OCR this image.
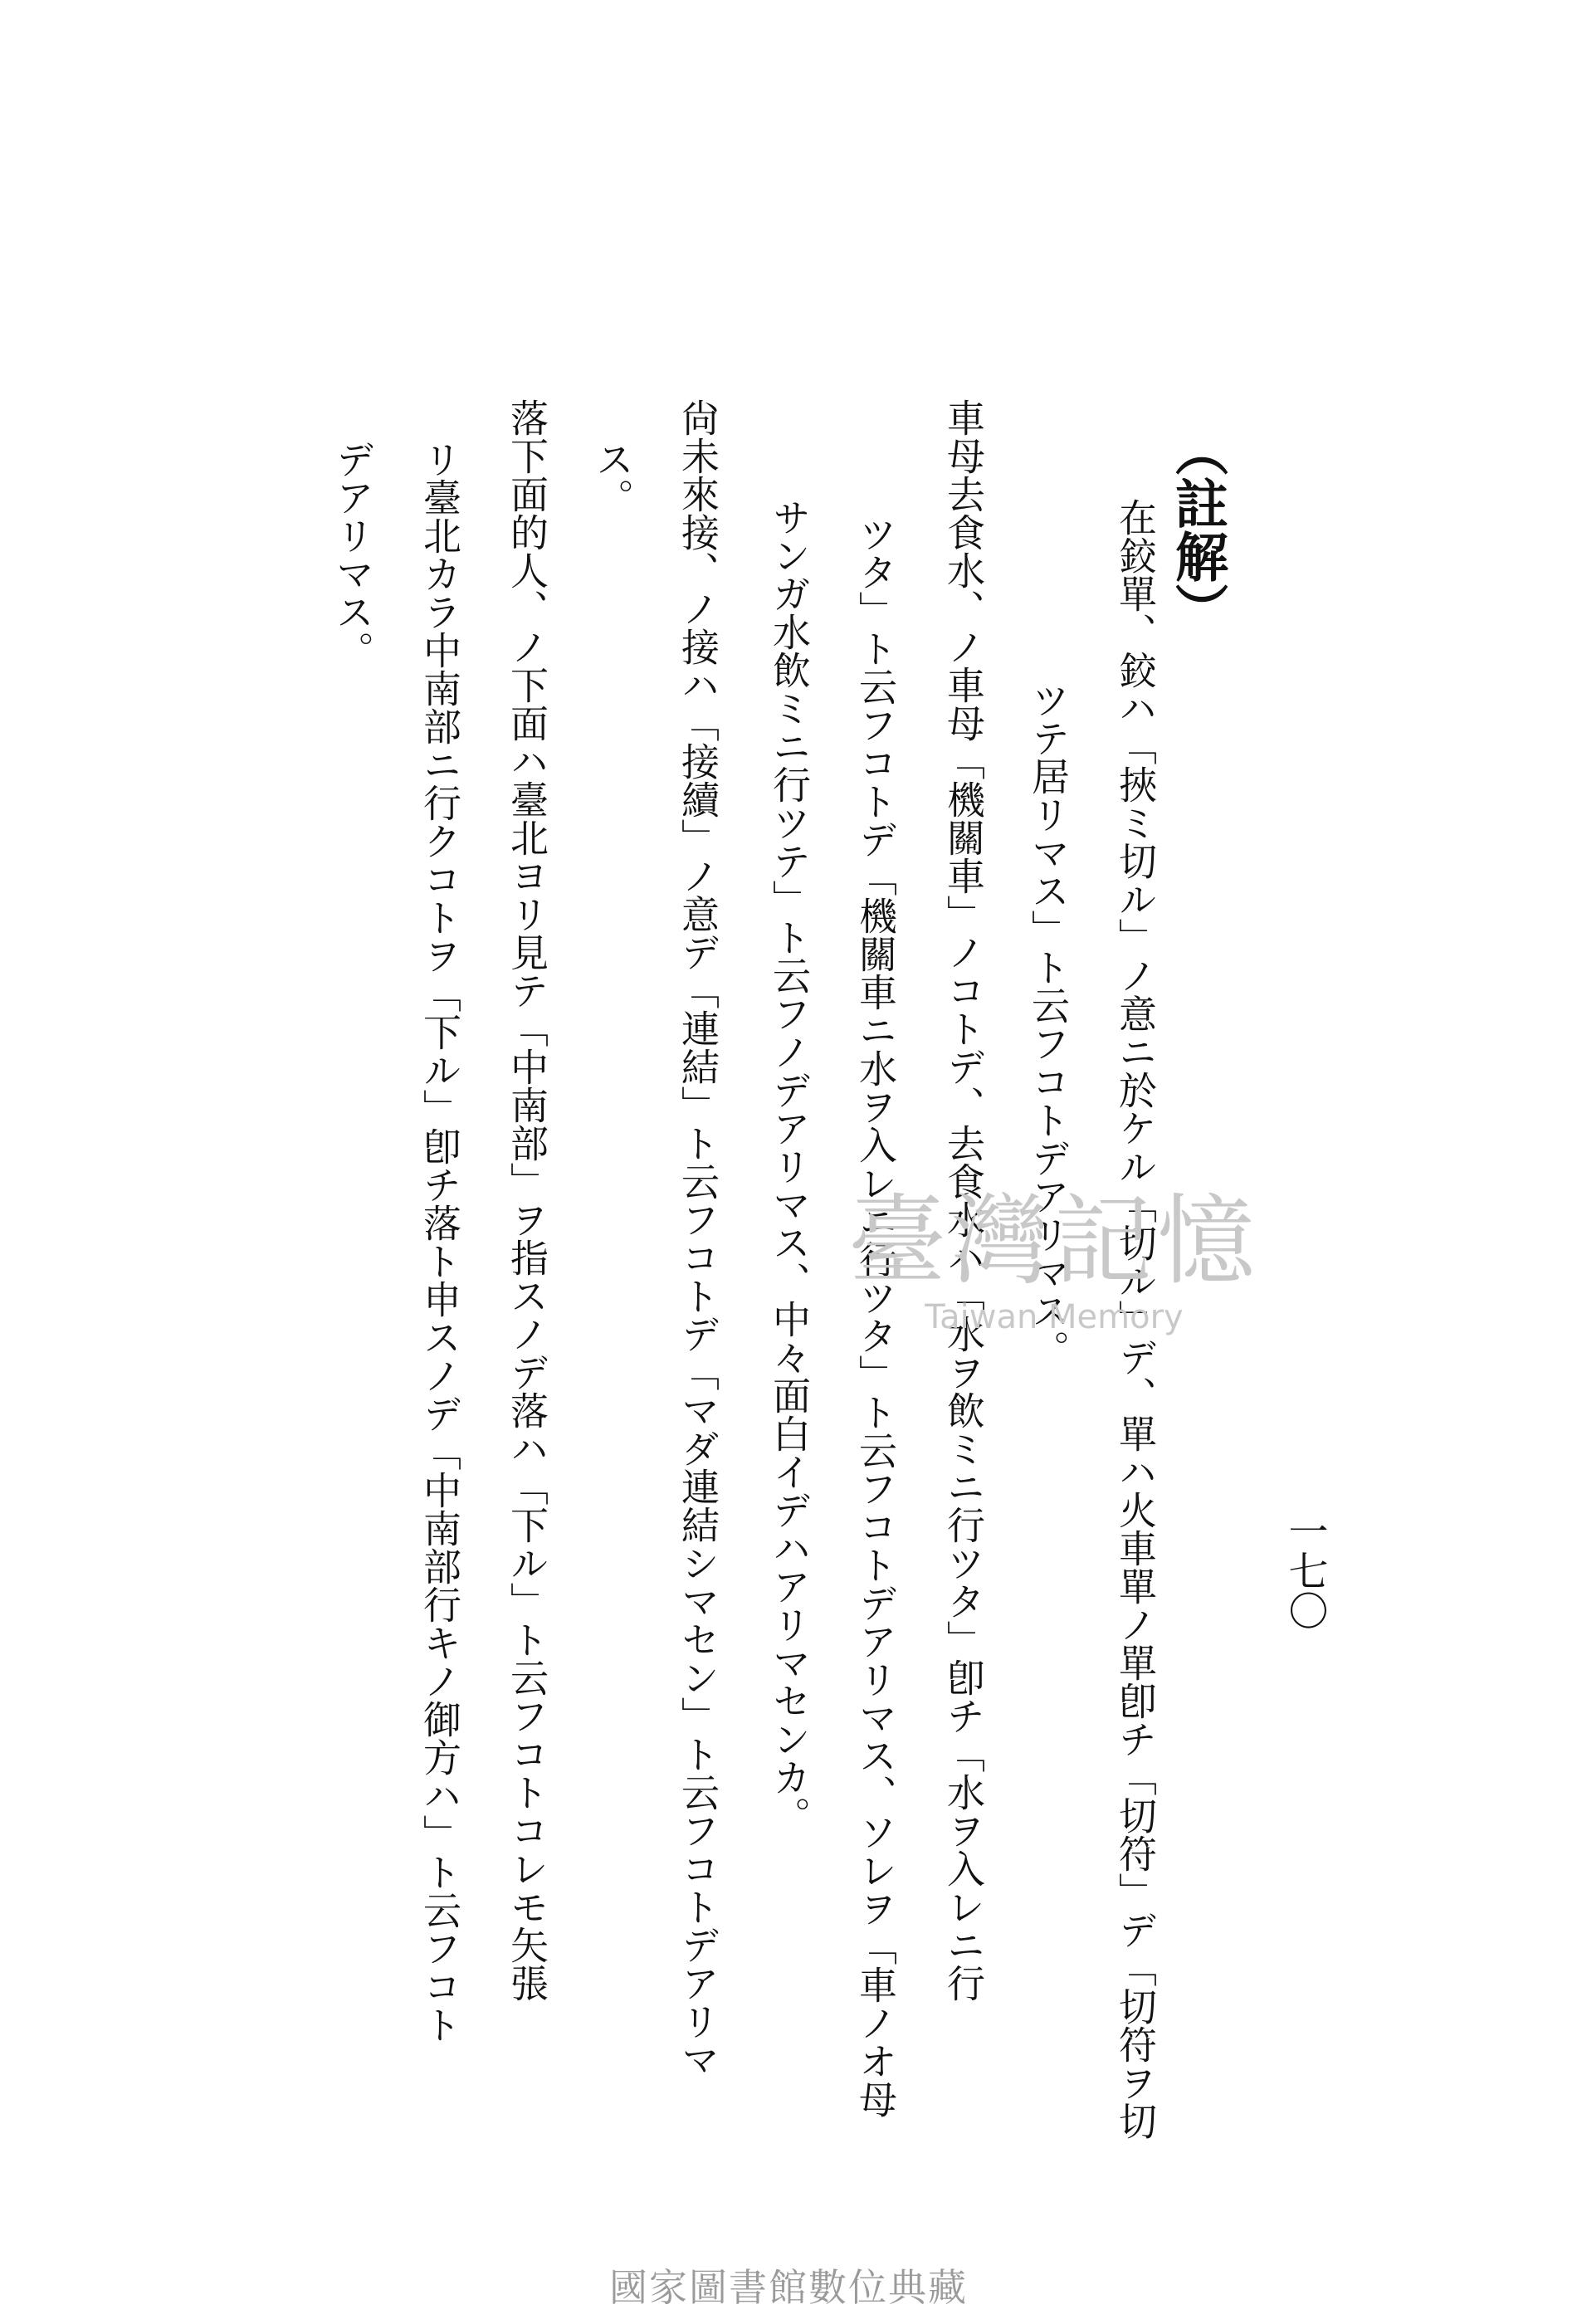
一七〇
（註解）
在鉸單、鉸ハ「挾ミ切ル」ノ意ニ於ケル「切ル」デ、單ハ火車單ノ單卽チ「切符」デ「切符ヲ切
ツテ居リマス」ト云フコトデアリマス。
車母去食水、ノ車母「機關車」ノコトデ、去食水ハ「水ヲ飲ミニ行ツタ」卽チ「水ヲ入レニ行
ツタ」ト云フコトデ「機關車ニ水ヲ入レニ行ツタ」ト云フコトデアリマス、ソレヲ「車ノオ母
サンガ水飲ミニ行ツテ」ト云フノデアリマス、中々面白イデハアリマセンカ。
尙未來接、ノ接ハ「接續」ノ意デ「連結」ト云フコトデ「マダ連結シマセン」ト云フコトデアリマ
ス。
落下面的人、ノ下面ハ臺北ヨリ見テ「中南部」ヲ指スノデ落ハ「下ル」ト云フコトコレモ矢張
リ臺北カラ中南部ニ行クコトヲ「下ル」卽チ落ト申スノデ「中南部行キノ御方ハ」ト云フコト
デアリマス。
臺灣記憶
Taiwan Memory
國家圖書館數位典藏
